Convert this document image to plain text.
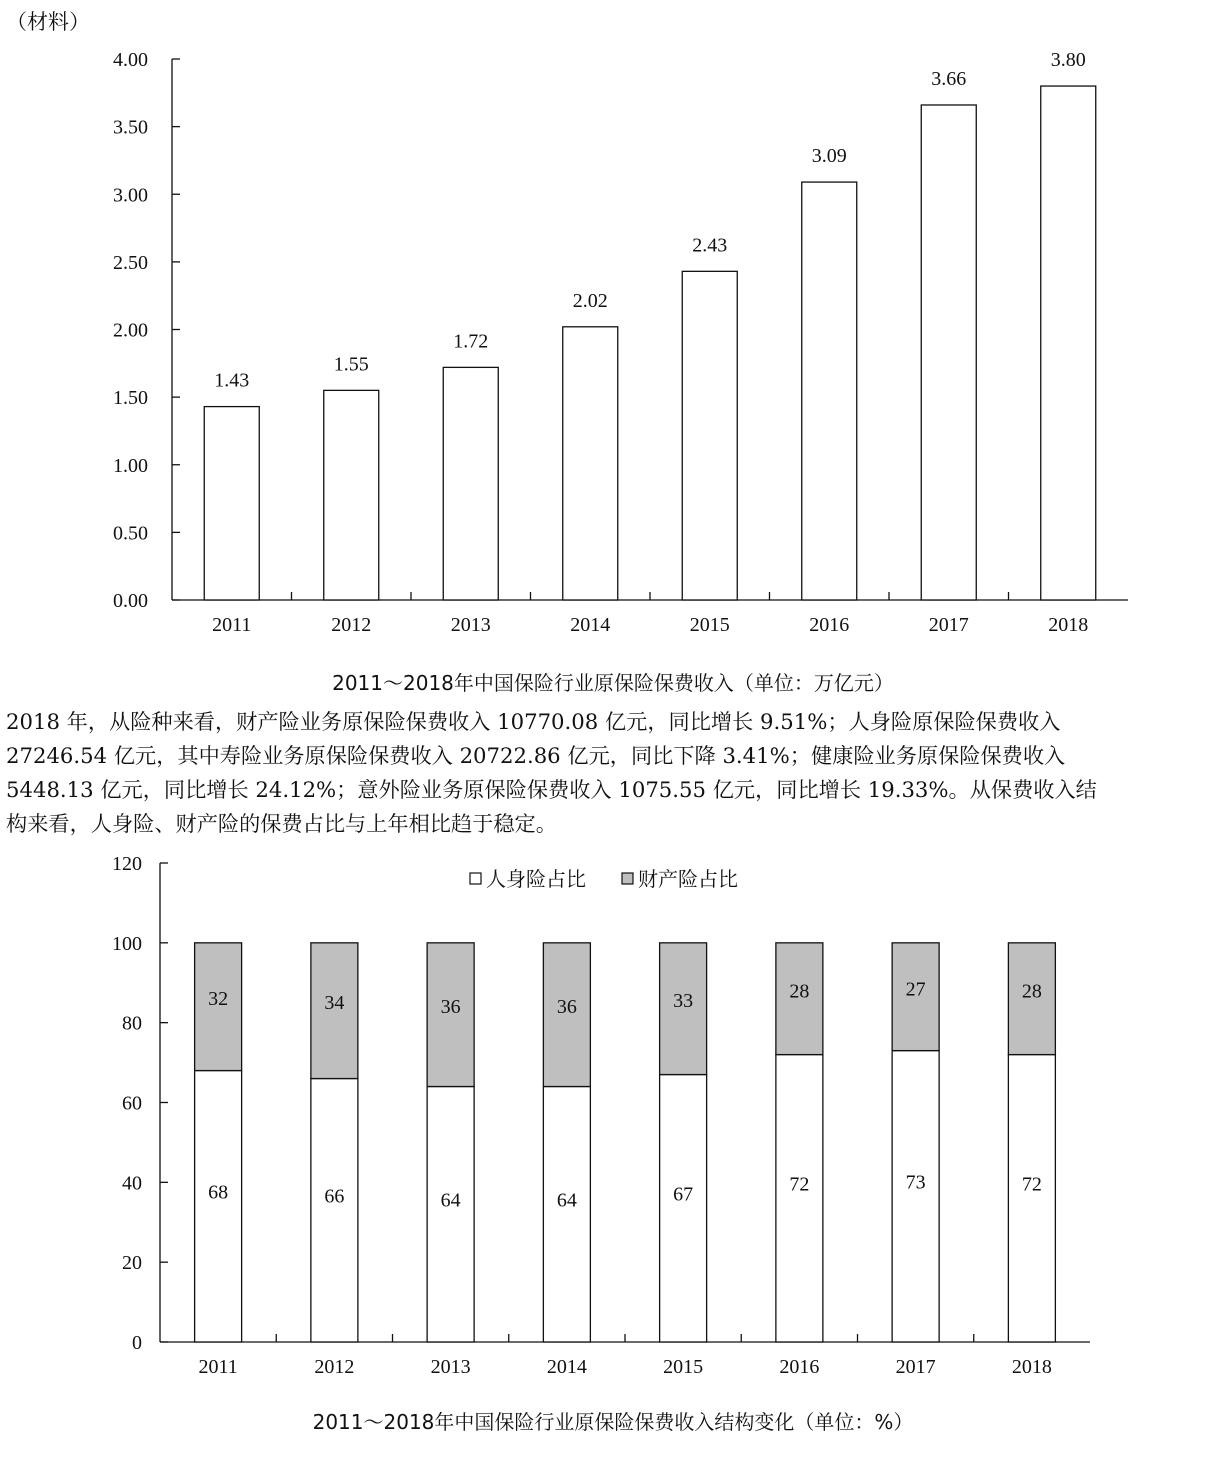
（材料）
0.00
0.50
1.00
1.50
2.00
2.50
3.00
3.50
4.00
1.43
2011
1.55
2012
1.72
2013
2.02
2014
2.43
2015
3.09
2016
3.66
2017
3.80
2018
2011～2018年中国保险行业原保险保费收入（单位：万亿元）

2018 年，从险种来看，财产险业务原保险保费收入 10770.08 亿元，同比增长 9.51%；人身险原保险保费收入

27246.54 亿元，其中寿险业务原保险保费收入 20722.86 亿元，同比下降 3.41%；健康险业务原保险保费收入

5448.13 亿元，同比增长 24.12%；意外险业务原保险保费收入 1075.55 亿元，同比增长 19.33%。从保费收入结

构来看，人身险、财产险的保费占比与上年相比趋于稳定。

0
20
40
60
80
100
120
68
32
2011
66
34
2012
64
36
2013
64
36
2014
67
33
2015
72
28
2016
73
27
2017
72
28
2018
人身险占比	财产险占比
2011～2018年中国保险行业原保险保费收入结构变化（单位：%）
